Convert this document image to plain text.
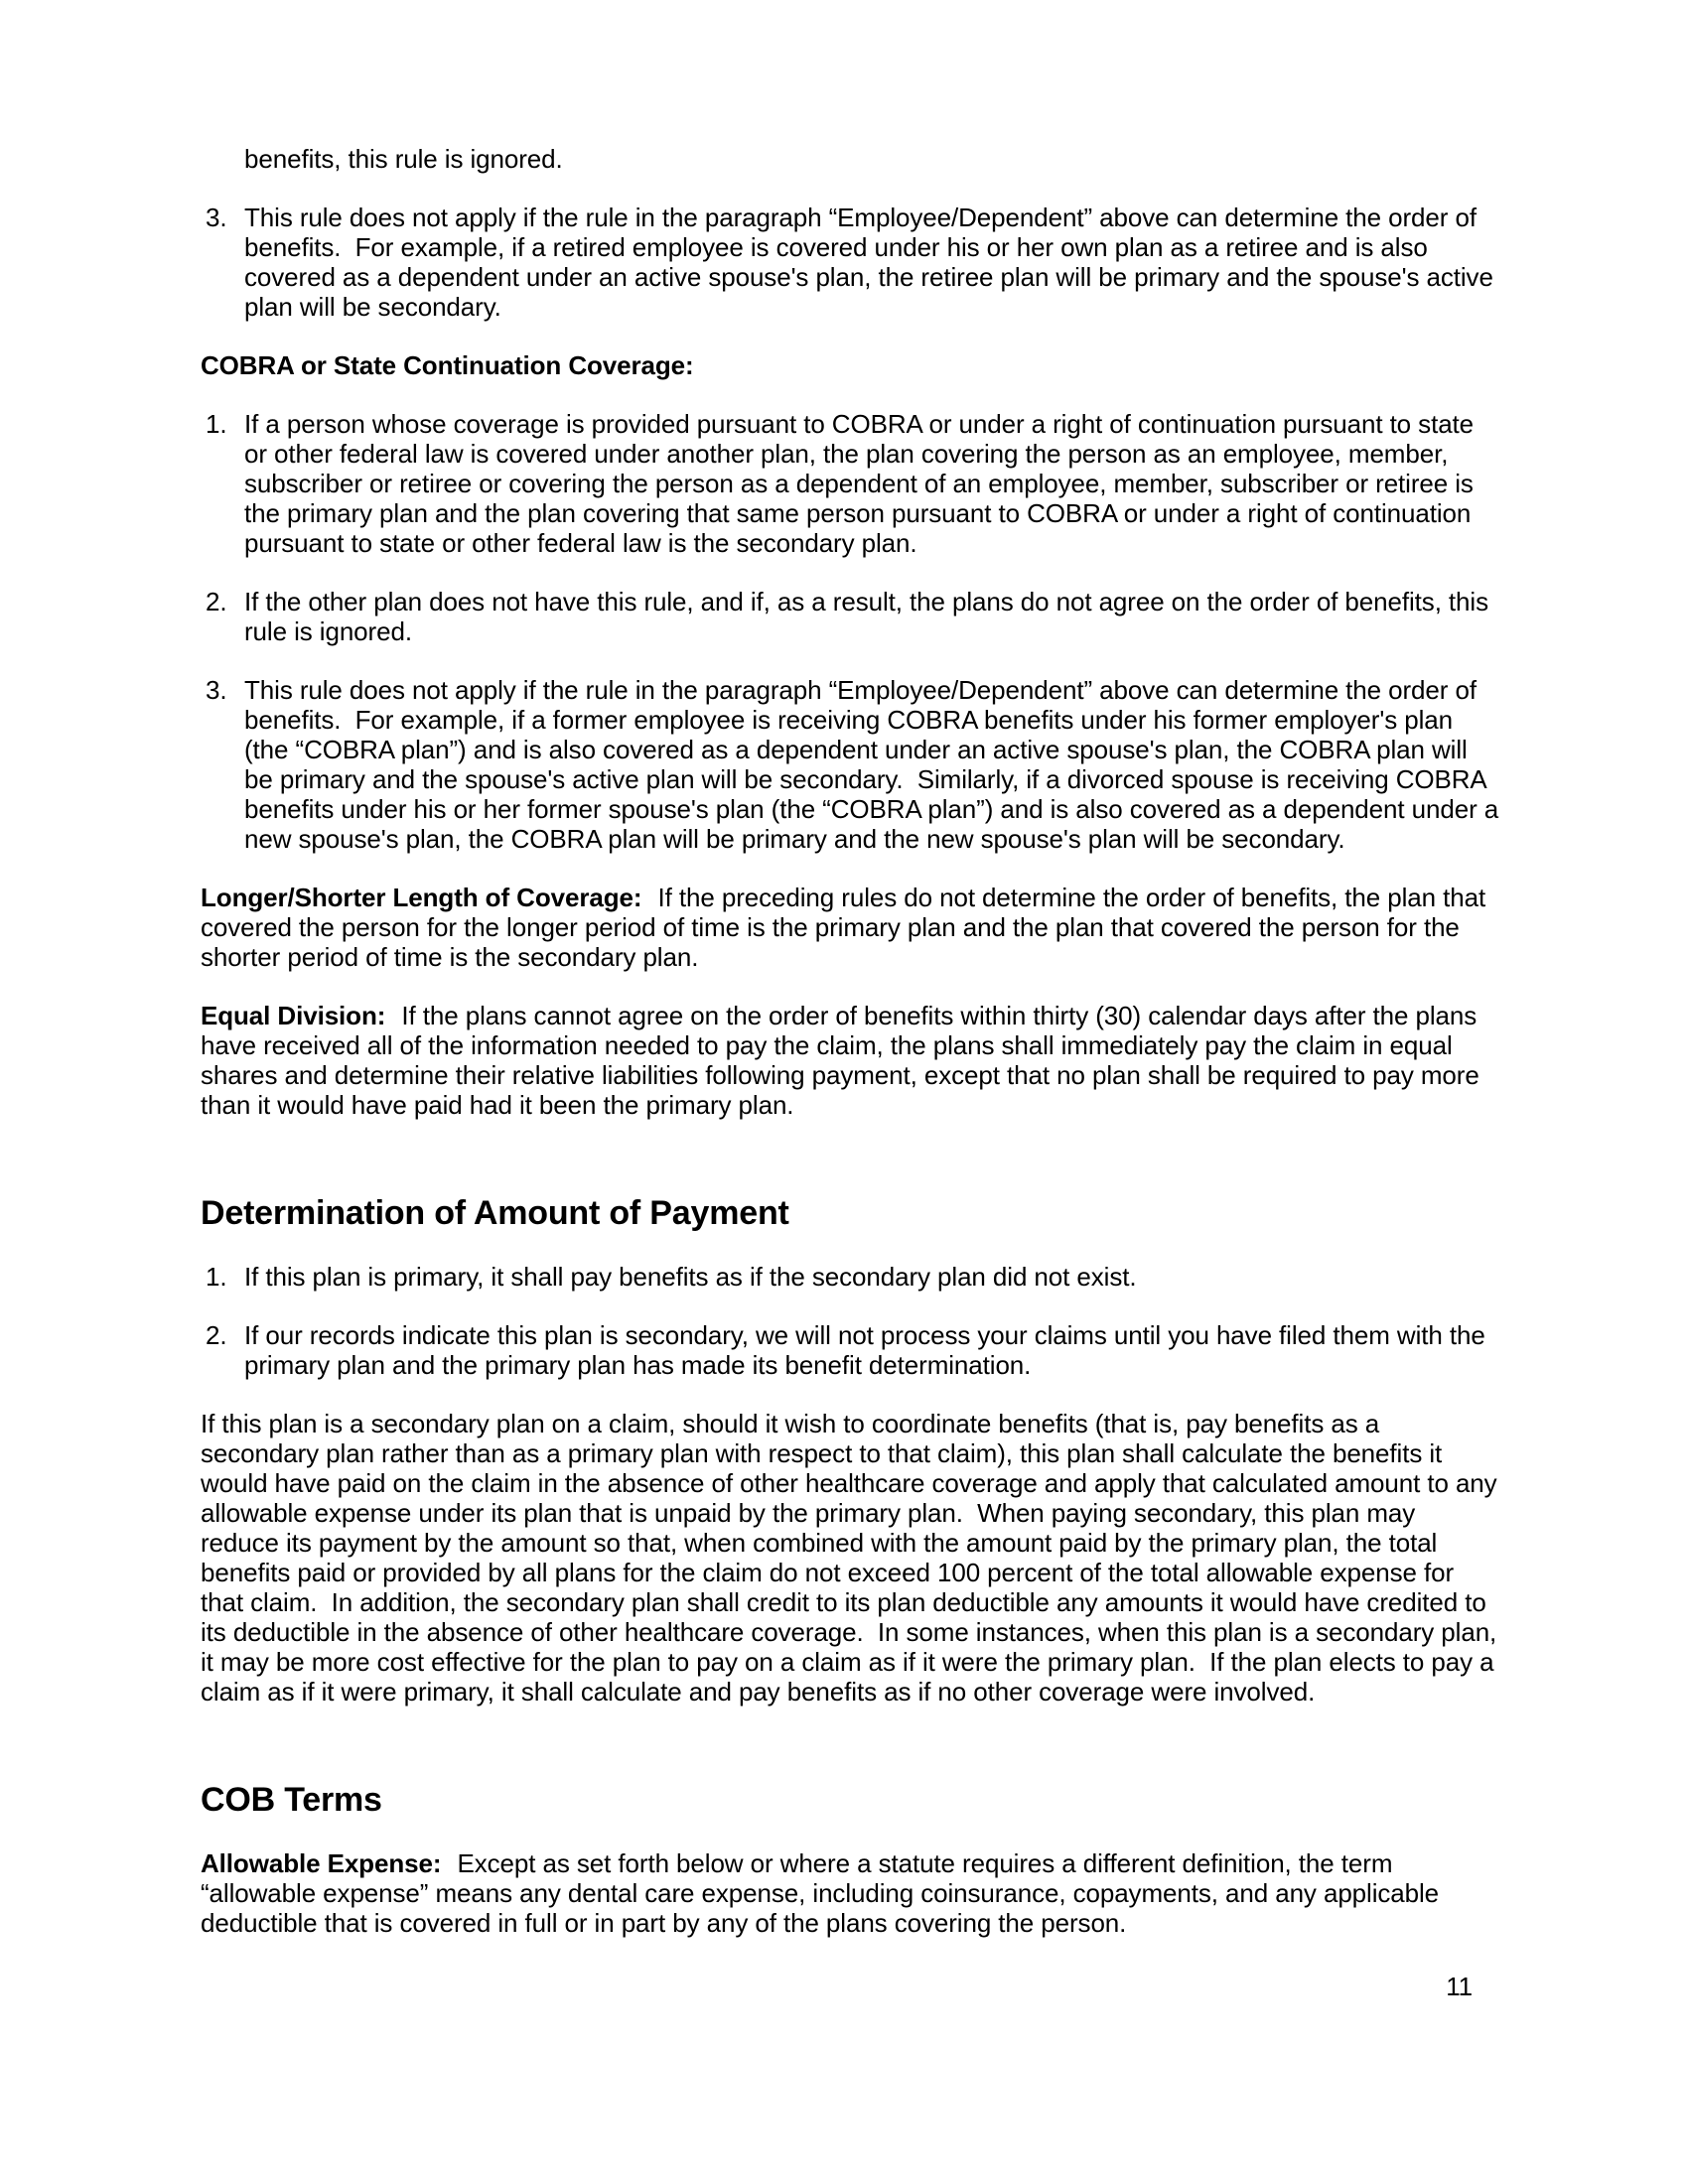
benefits, this rule is ignored.
3. This rule does not apply if the rule in the paragraph “Employee/Dependent” above can determine the order of benefits.  For example, if a retired employee is covered under his or her own plan as a retiree and is also covered as a dependent under an active spouse's plan, the retiree plan will be primary and the spouse's active plan will be secondary.
COBRA or State Continuation Coverage:
1. If a person whose coverage is provided pursuant to COBRA or under a right of continuation pursuant to state or other federal law is covered under another plan, the plan covering the person as an employee, member, subscriber or retiree or covering the person as a dependent of an employee, member, subscriber or retiree is the primary plan and the plan covering that same person pursuant to COBRA or under a right of continuation pursuant to state or other federal law is the secondary plan.
2. If the other plan does not have this rule, and if, as a result, the plans do not agree on the order of benefits, this rule is ignored.
3. This rule does not apply if the rule in the paragraph “Employee/Dependent” above can determine the order of benefits.  For example, if a former employee is receiving COBRA benefits under his former employer's plan (the “COBRA plan”) and is also covered as a dependent under an active spouse's plan, the COBRA plan will be primary and the spouse's active plan will be secondary.  Similarly, if a divorced spouse is receiving COBRA benefits under his or her former spouse's plan (the “COBRA plan”) and is also covered as a dependent under a new spouse's plan, the COBRA plan will be primary and the new spouse's plan will be secondary.
Longer/Shorter Length of Coverage: If the preceding rules do not determine the order of benefits, the plan that covered the person for the longer period of time is the primary plan and the plan that covered the person for the shorter period of time is the secondary plan.
Equal Division: If the plans cannot agree on the order of benefits within thirty (30) calendar days after the plans have received all of the information needed to pay the claim, the plans shall immediately pay the claim in equal shares and determine their relative liabilities following payment, except that no plan shall be required to pay more than it would have paid had it been the primary plan.
Determination of Amount of Payment
1. If this plan is primary, it shall pay benefits as if the secondary plan did not exist.
2. If our records indicate this plan is secondary, we will not process your claims until you have filed them with the primary plan and the primary plan has made its benefit determination.
If this plan is a secondary plan on a claim, should it wish to coordinate benefits (that is, pay benefits as a secondary plan rather than as a primary plan with respect to that claim), this plan shall calculate the benefits it would have paid on the claim in the absence of other healthcare coverage and apply that calculated amount to any allowable expense under its plan that is unpaid by the primary plan.  When paying secondary, this plan may reduce its payment by the amount so that, when combined with the amount paid by the primary plan, the total benefits paid or provided by all plans for the claim do not exceed 100 percent of the total allowable expense for that claim.  In addition, the secondary plan shall credit to its plan deductible any amounts it would have credited to its deductible in the absence of other healthcare coverage.  In some instances, when this plan is a secondary plan, it may be more cost effective for the plan to pay on a claim as if it were the primary plan.  If the plan elects to pay a claim as if it were primary, it shall calculate and pay benefits as if no other coverage were involved.
COB Terms
Allowable Expense: Except as set forth below or where a statute requires a different definition, the term “allowable expense” means any dental care expense, including coinsurance, copayments, and any applicable deductible that is covered in full or in part by any of the plans covering the person.
11
